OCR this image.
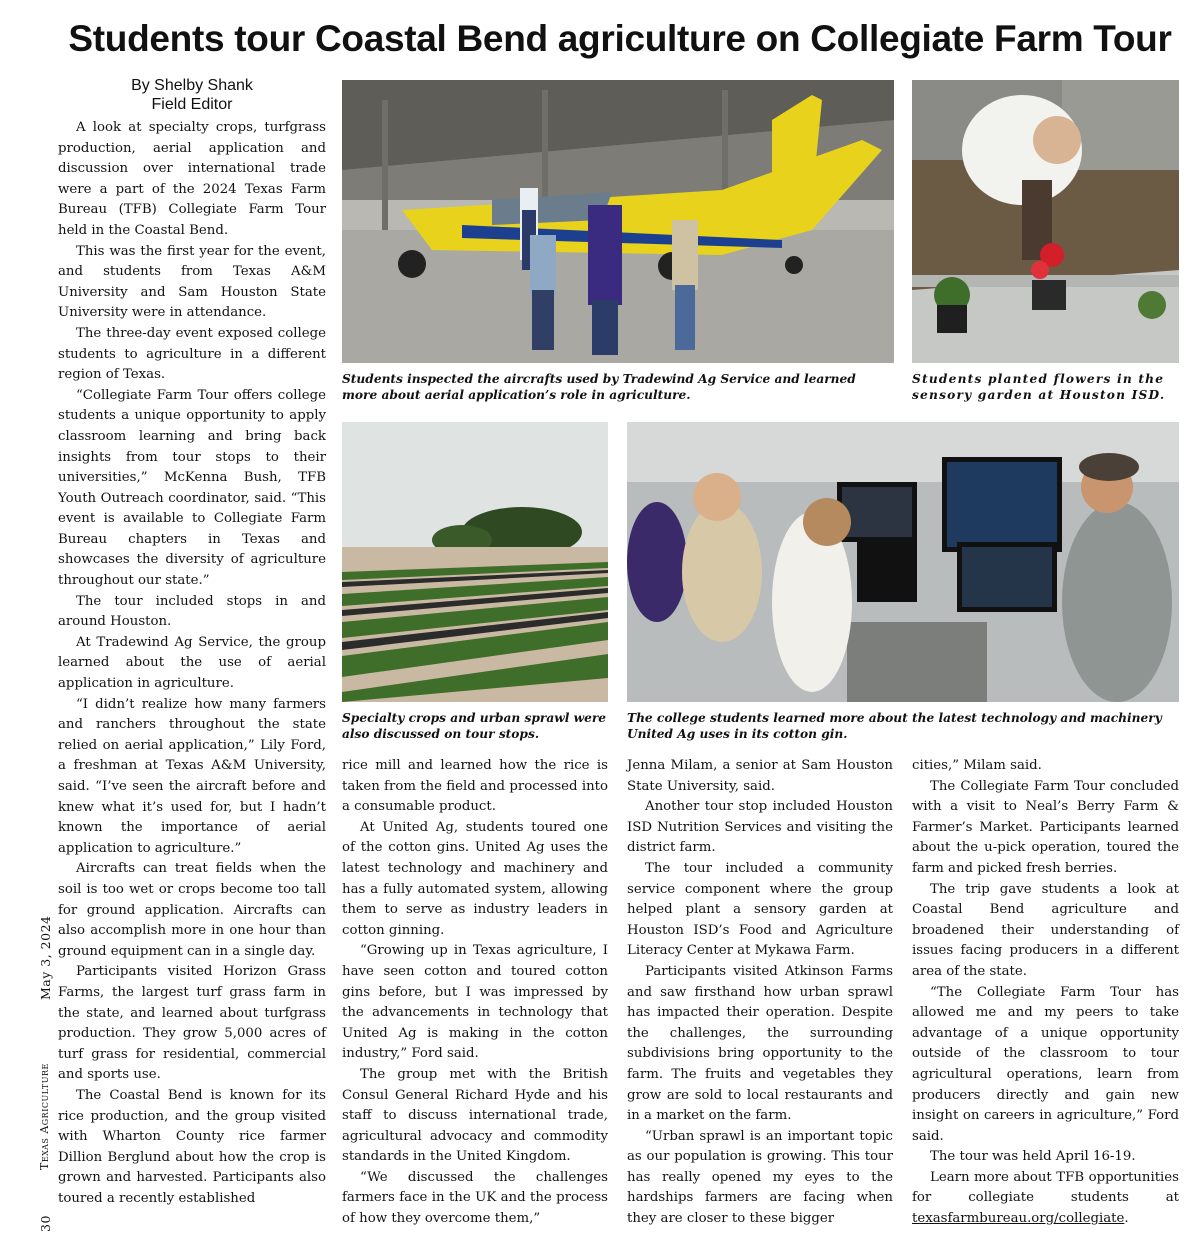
Students tour Coastal Bend agriculture on Collegiate Farm Tour
By Shelby Shank
Field Editor
May 3, 2024
Texas Agriculture
30
Students inspected the aircrafts used by Tradewind Ag Service and learned more about aerial application’s role in agriculture.
Students planted flowers in the sensory garden at Houston ISD.
Specialty crops and urban sprawl were also discussed on tour stops.
The college students learned more about the latest technology and machinery United Ag uses in its cotton gin.

A look at specialty crops, turfgrass production, aerial application and discussion over international trade were a part of the 2024 Texas Farm Bureau (TFB) Collegiate Farm Tour held in the Coastal Bend.

This was the first year for the event, and students from Texas A&M University and Sam Houston State University were in attendance.

The three-day event exposed college students to agriculture in a different region of Texas.

“Collegiate Farm Tour offers college students a unique opportunity to apply classroom learning and bring back insights from tour stops to their universities,” McKenna Bush, TFB Youth Outreach coordinator, said. “This event is available to Collegiate Farm Bureau chapters in Texas and showcases the diversity of agriculture throughout our state.”

The tour included stops in and around Houston.

At Tradewind Ag Service, the group learned about the use of aerial application in agriculture.

“I didn’t realize how many farmers and ranchers throughout the state relied on aerial application,” Lily Ford, a freshman at Texas A&M University, said. “I’ve seen the aircraft before and knew what it’s used for, but I hadn’t known the importance of aerial application to agriculture.”

Aircrafts can treat fields when the soil is too wet or crops become too tall for ground application. Aircrafts can also accomplish more in one hour than ground equipment can in a single day.

Participants visited Horizon Grass Farms, the largest turf grass farm in the state, and learned about turfgrass production. They grow 5,000 acres of turf grass for residential, commercial and sports use.

The Coastal Bend is known for its rice production, and the group visited with Wharton County rice farmer Dillion Berglund about how the crop is grown and harvested. Participants also toured a recently established

rice mill and learned how the rice is taken from the field and processed into a consumable product.

At United Ag, students toured one of the cotton gins. United Ag uses the latest technology and machinery and has a fully automated system, allowing them to serve as industry leaders in cotton ginning.

“Growing up in Texas agriculture, I have seen cotton and toured cotton gins before, but I was impressed by the advancements in technology that United Ag is making in the cotton industry,” Ford said.

The group met with the British Consul General Richard Hyde and his staff to discuss international trade, agricultural advocacy and commodity standards in the United Kingdom.

“We discussed the challenges farmers face in the UK and the process of how they overcome them,”

Jenna Milam, a senior at Sam Houston State University, said.

Another tour stop included Houston ISD Nutrition Services and visiting the district farm.

The tour included a community service component where the group helped plant a sensory garden at Houston ISD’s Food and Agriculture Literacy Center at Mykawa Farm.

Participants visited Atkinson Farms and saw firsthand how urban sprawl has impacted their operation. Despite the challenges, the surrounding subdivisions bring opportunity to the farm. The fruits and vegetables they grow are sold to local restaurants and in a market on the farm.

“Urban sprawl is an important topic as our population is growing. This tour has really opened my eyes to the hardships farmers are facing when they are closer to these bigger

cities,” Milam said.

The Collegiate Farm Tour concluded with a visit to Neal’s Berry Farm & Farmer’s Market. Participants learned about the u-pick operation, toured the farm and picked fresh berries.

The trip gave students a look at Coastal Bend agriculture and broadened their understanding of issues facing producers in a different area of the state.

“The Collegiate Farm Tour has allowed me and my peers to take advantage of a unique opportunity outside of the classroom to tour agricultural operations, learn from producers directly and gain new insight on careers in agriculture,” Ford said.

The tour was held April 16-19.

Learn more about TFB opportunities for collegiate students at texasfarmbureau.org/collegiate.
